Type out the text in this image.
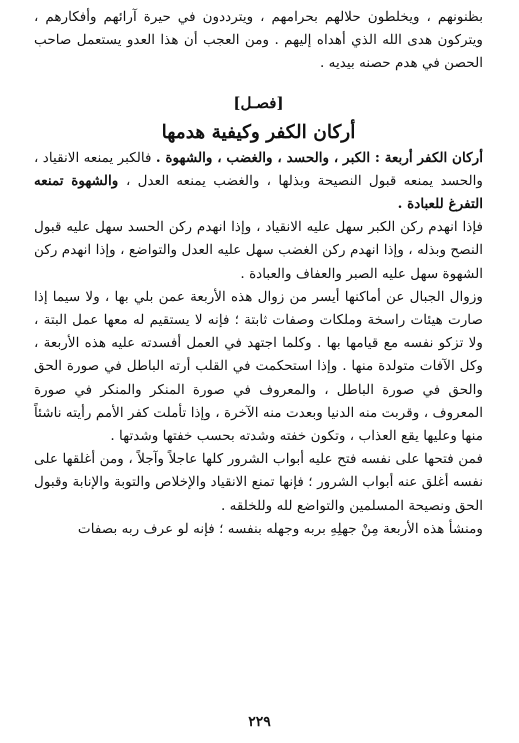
بظنونهم ، ويخلطون حلالهم بحرامهم ، ويترددون في حيرة آرائهم وأفكارهم ، ويتركون هدى الله الذي أهداه إليهم . ومن العجب أن هذا العدو يستعمل صاحب الحصن في هدم حصنه بيديه .

[فصـل]
أركان الكفر وكيفية هدمها

أركان الكفر أربعة : الكبر ، والحسد ، والغضب ، والشهوة . فالكبر يمنعه الانقياد ، والحسد يمنعه قبول النصيحة وبذلها ، والغضب يمنعه العدل ، والشهوة تمنعه التفرغ للعبادة .

فإذا انهدم ركن الكبر سهل عليه الانقياد ، وإذا انهدم ركن الحسد سهل عليه قبول النصح وبذله ، وإذا انهدم ركن الغضب سهل عليه العدل والتواضع ، وإذا انهدم ركن الشهوة سهل عليه الصبر والعفاف والعبادة .

وزوال الجبال عن أماكنها أيسر من زوال هذه الأربعة عمن بلي بها ، ولا سيما إذا صارت هيئات راسخة وملكات وصفات ثابتة ؛ فإنه لا يستقيم له معها عمل البتة ، ولا تزكو نفسه مع قيامها بها . وكلما اجتهد في العمل أفسدته عليه هذه الأربعة ، وكل الآفات متولدة منها . وإذا استحكمت في القلب أرته الباطل في صورة الحق والحق في صورة الباطل ، والمعروف في صورة المنكر والمنكر في صورة المعروف ، وقربت منه الدنيا وبعدت منه الآخرة ، وإذا تأملت كفر الأمم رأيته ناشئاً منها وعليها يقع العذاب ، وتكون خفته وشدته بحسب خفتها وشدتها .

فمن فتحها على نفسه فتح عليه أبواب الشرور كلها عاجلاً وآجلاً ، ومن أغلقها على نفسه أغلق عنه أبواب الشرور ؛ فإنها تمنع الانقياد والإخلاص والتوبة والإنابة وقبول الحق ونصيحة المسلمين والتواضع لله وللخلقه .

ومنشأ هذه الأربعة مِنْ جهلِهِ بربه وجهله بنفسه ؛ فإنه لو عرف ربه بصفات

٢٢٩
